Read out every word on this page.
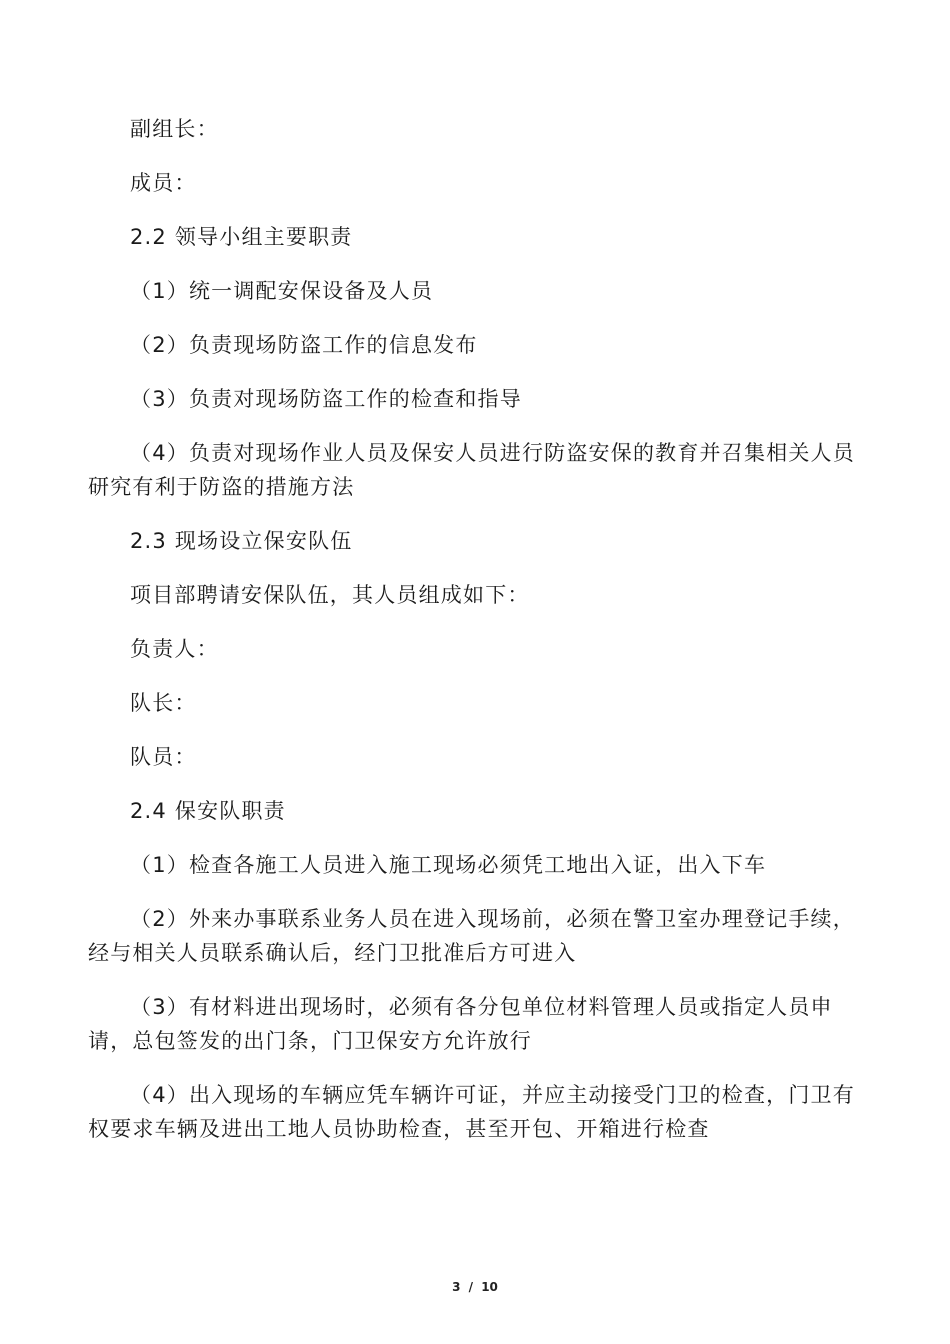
副组长：

成员：

2.2 领导小组主要职责

（1）统一调配安保设备及人员

（2）负责现场防盗工作的信息发布

（3）负责对现场防盗工作的检查和指导

（4）负责对现场作业人员及保安人员进行防盗安保的教育并召集相关人员研究有利于防盗的措施方法

2.3 现场设立保安队伍

项目部聘请安保队伍，其人员组成如下：

负责人：

队长：

队员：

2.4 保安队职责

（1）检查各施工人员进入施工现场必须凭工地出入证，出入下车

（2）外来办事联系业务人员在进入现场前，必须在警卫室办理登记手续，经与相关人员联系确认后，经门卫批准后方可进入

（3）有材料进出现场时，必须有各分包单位材料管理人员或指定人员申请，总包签发的出门条，门卫保安方允许放行

（4）出入现场的车辆应凭车辆许可证，并应主动接受门卫的检查，门卫有权要求车辆及进出工地人员协助检查，甚至开包、开箱进行检查

3 / 10
